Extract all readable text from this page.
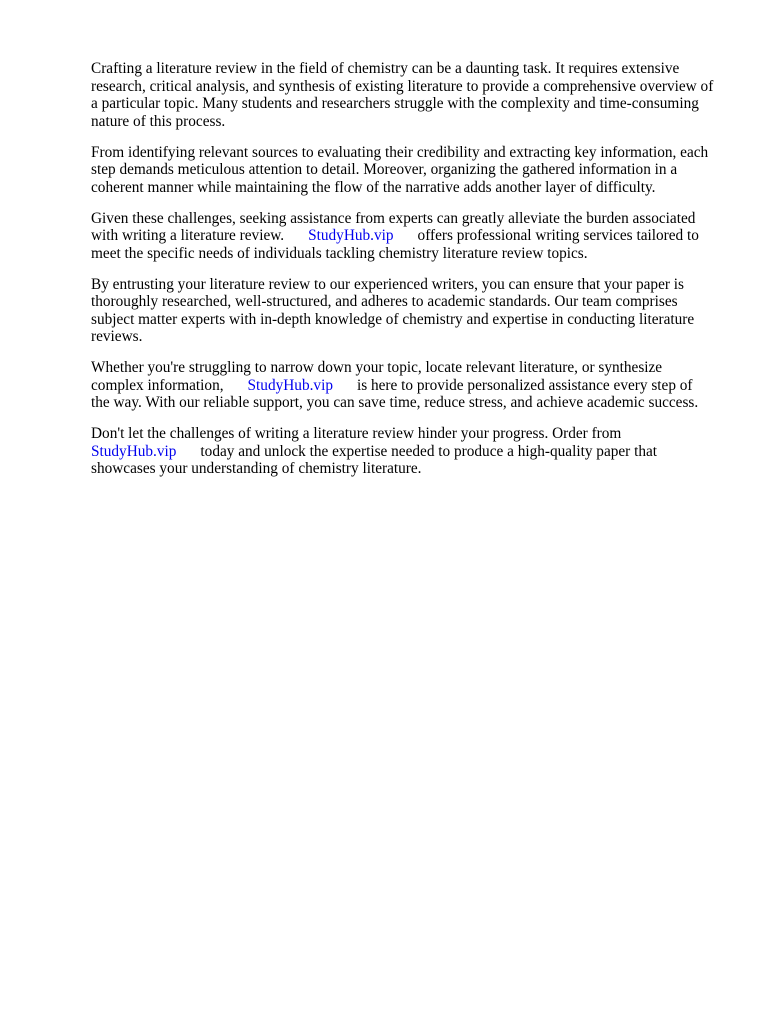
Crafting a literature review in the field of chemistry can be a daunting task. It requires extensive
research, critical analysis, and synthesis of existing literature to provide a comprehensive overview of
a particular topic. Many students and researchers struggle with the complexity and time-consuming
nature of this process.

From identifying relevant sources to evaluating their credibility and extracting key information, each
step demands meticulous attention to detail. Moreover, organizing the gathered information in a
coherent manner while maintaining the flow of the narrative adds another layer of difficulty.

Given these challenges, seeking assistance from experts can greatly alleviate the burden associated
with writing a literature review. StudyHub.vip offers professional writing services tailored to
meet the specific needs of individuals tackling chemistry literature review topics.

By entrusting your literature review to our experienced writers, you can ensure that your paper is
thoroughly researched, well-structured, and adheres to academic standards. Our team comprises
subject matter experts with in-depth knowledge of chemistry and expertise in conducting literature
reviews.

Whether you're struggling to narrow down your topic, locate relevant literature, or synthesize
complex information, StudyHub.vip is here to provide personalized assistance every step of
the way. With our reliable support, you can save time, reduce stress, and achieve academic success.

Don't let the challenges of writing a literature review hinder your progress. Order from
StudyHub.vip today and unlock the expertise needed to produce a high-quality paper that
showcases your understanding of chemistry literature.
